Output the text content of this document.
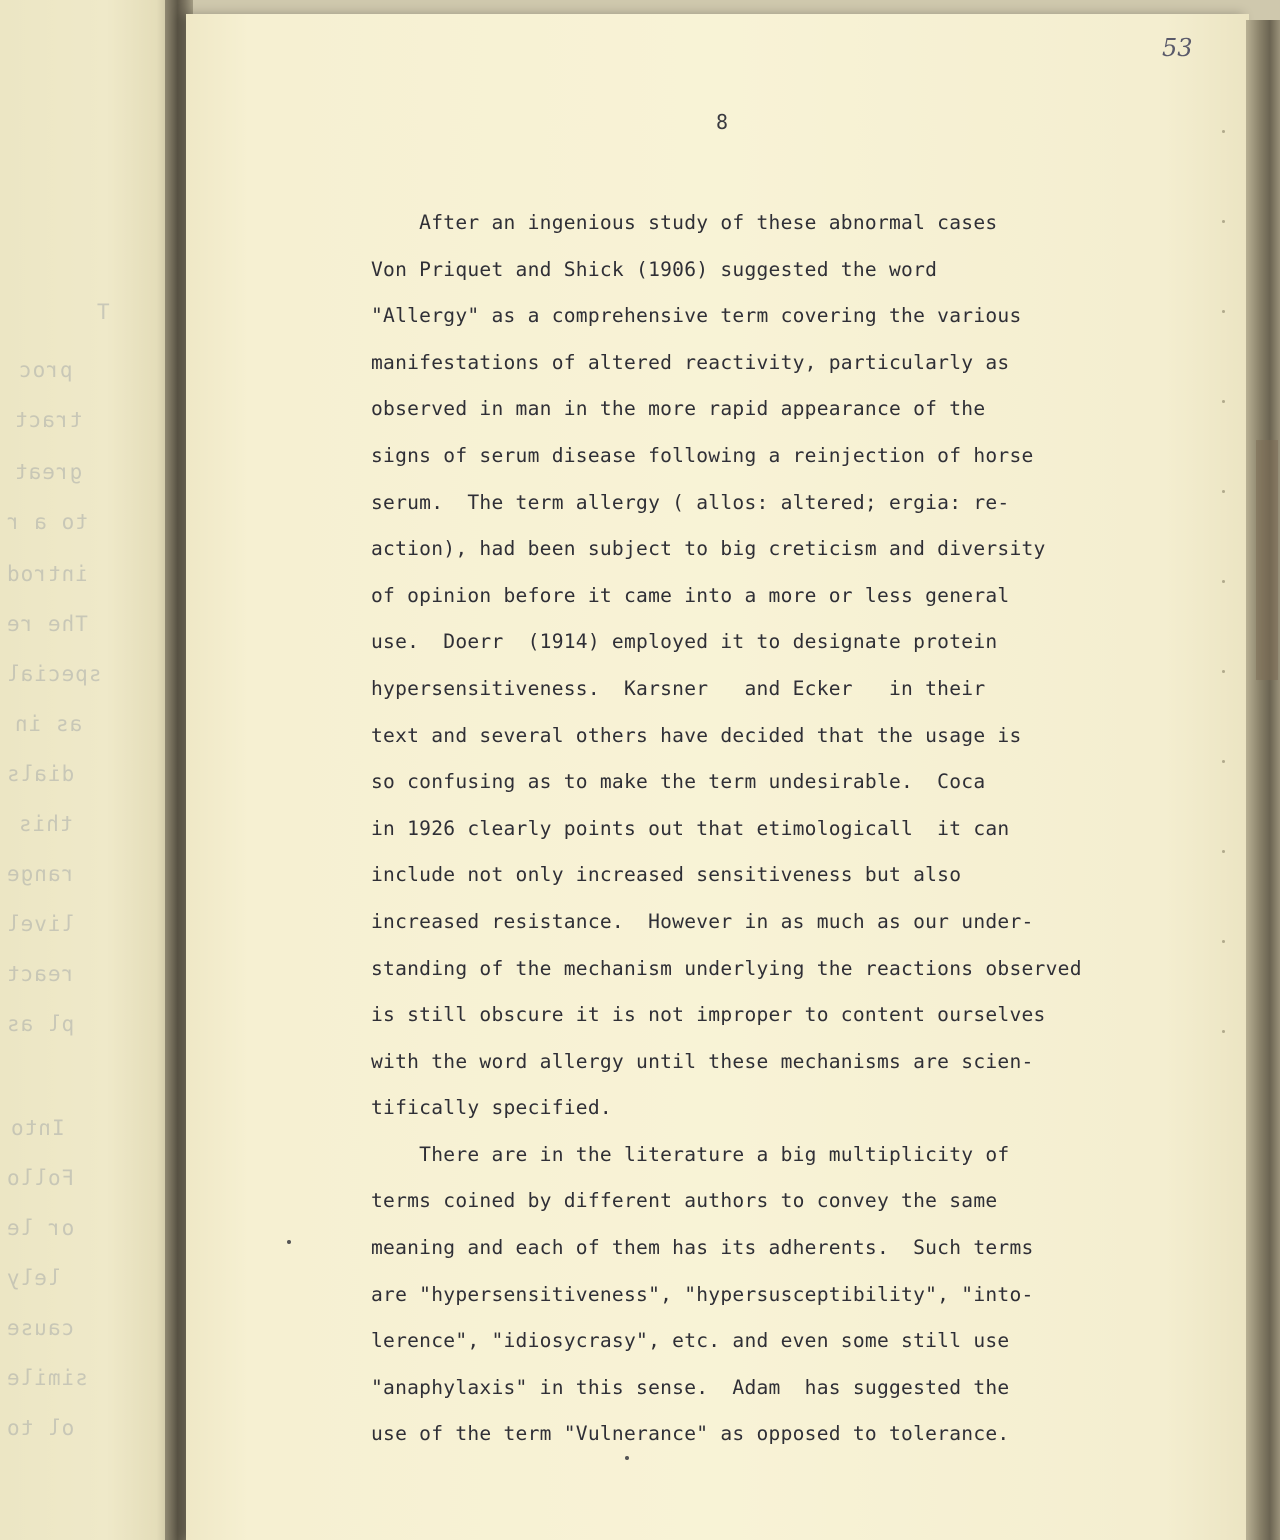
T
proc
tract
great
to a r
introd
The re
special
as in
dials
this
range
livel
react
pl as
Into
Follo
or le
lely
cause
simile
ol to
53
8
After an ingenious study of these abnormal cases
Von Priquet and Shick (1906) suggested the word
"Allergy" as a comprehensive term covering the various
manifestations of altered reactivity, particularly as
observed in man in the more rapid appearance of the
signs of serum disease following a reinjection of horse
serum.  The term allergy ( allos: altered; ergia: re-
action), had been subject to big creticism and diversity
of opinion before it came into a more or less general
use.  Doerr  (1914) employed it to designate protein
hypersensitiveness.  Karsner   and Ecker   in their
text and several others have decided that the usage is
so confusing as to make the term undesirable.  Coca
in 1926 clearly points out that etimologicall  it can
include not only increased sensitiveness but also
increased resistance.  However in as much as our under-
standing of the mechanism underlying the reactions observed
is still obscure it is not improper to content ourselves
with the word allergy until these mechanisms are scien-
tifically specified.
There are in the literature a big multiplicity of
terms coined by different authors to convey the same
meaning and each of them has its adherents.  Such terms
are "hypersensitiveness", "hypersusceptibility", "into-
lerence", "idiosycrasy", etc. and even some still use
"anaphylaxis" in this sense.  Adam  has suggested the
use of the term "Vulnerance" as opposed to tolerance.
